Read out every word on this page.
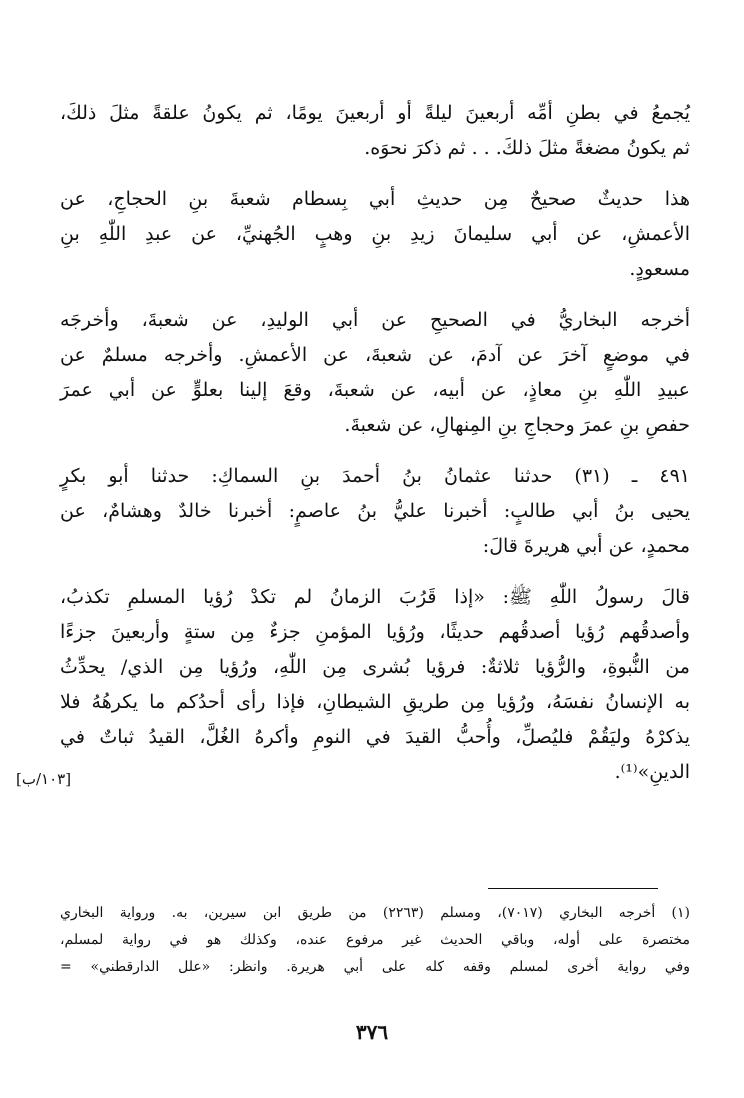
يُجمعُ في بطنِ أمِّه أربعينَ ليلةً أو أربعينَ يومًا، ثم يكونُ علقةً مثلَ ذلكَ،
ثم يكونُ مضغةً مثلَ ذلكَ. . . ثم ذكرَ نحوَه.
هذا حديثٌ صحيحٌ مِن حديثِ أبي بِسطام شعبةَ بنِ الحجاجِ، عن
الأعمشِ، عن أبي سليمانَ زيدِ بنِ وهبٍ الجُهنيِّ، عن عبدِ اللّٰهِ بنِ
مسعودٍ.
أخرجه البخاريُّ في الصحيحِ عن أبي الوليدِ، عن شعبةَ، وأخرجَه
في موضعٍ آخرَ عن آدمَ، عن شعبةَ، عن الأعمشِ. وأخرجه مسلمٌ عن
عبيدِ اللّٰهِ بنِ معاذٍ، عن أبيه، عن شعبةَ، وقعَ إلينا بعلوٍّ عن أبي عمرَ
حفصِ بنِ عمرَ وحجاجِ بنِ المِنهالِ، عن شعبةَ.
٤٩١ ـ (٣١) حدثنا عثمانُ بنُ أحمدَ بنِ السماكِ: حدثنا أبو بكرٍ
يحيى بنُ أبي طالبٍ: أخبرنا عليُّ بنُ عاصمٍ: أخبرنا خالدٌ وهشامٌ، عن
محمدٍ، عن أبي هريرةَ قالَ:
قالَ رسولُ اللّٰهِ ﷺ: «إذا قَرُبَ الزمانُ لم تكدْ رُؤيا المسلمِ تكذبُ،
وأصدقُهم رُؤيا أصدقُهم حديثًا، ورُؤيا المؤمنِ جزءٌ مِن ستةٍ وأربعينَ جزءًا
من النُّبوةِ، والرُّؤيا ثلاثةٌ: فرؤيا بُشرى مِن اللّٰهِ، ورُؤيا مِن الذي/ يحدِّثُ
به الإنسانُ نفسَهُ، ورُؤيا مِن طريقِ الشيطانِ، فإذا رأى أحدُكم ما يكرهُهُ فلا
يذكرْهُ وليَقُمْ فليُصلِّ، وأُحبُّ القيدَ في النومِ وأكرهُ الغُلَّ، القيدُ ثباتٌ في
الدينِ»⁽¹⁾.
[١٠٣/ب]
(١) أخرجه البخاري (٧٠١٧)، ومسلم (٢٢٦٣) من طريق ابن سيرين، به. ورواية البخاري
مختصرة على أوله، وباقي الحديث غير مرفوع عنده، وكذلك هو في رواية لمسلم،
وفي رواية أخرى لمسلم وقفه كله على أبي هريرة. وانظر: «علل الدارقطني» =
٣٧٦
